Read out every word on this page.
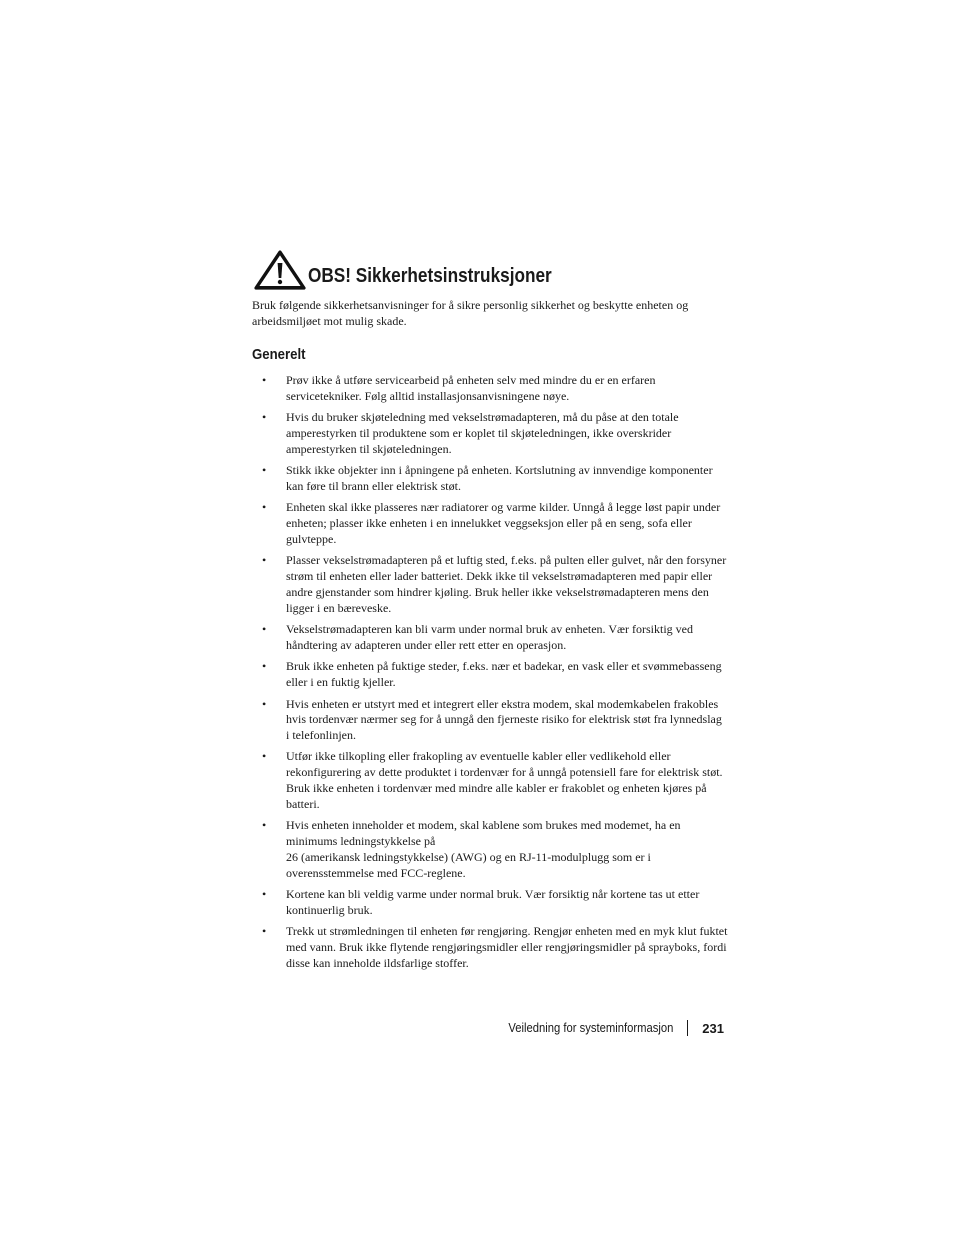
OBS! Sikkerhetsinstruksjoner

Bruk følgende sikkerhetsanvisninger for å sikre personlig sikkerhet og beskytte enheten og arbeidsmiljøet mot mulig skade.

Generelt
• Prøv ikke å utføre servicearbeid på enheten selv med mindre du er en erfaren servicetekniker. Følg alltid installasjonsanvisningene nøye.
• Hvis du bruker skjøteledning med vekselstrømadapteren, må du påse at den totale amperestyrken til produktene som er koplet til skjøteledningen, ikke overskrider amperestyrken til skjøteledningen.
• Stikk ikke objekter inn i åpningene på enheten. Kortslutning av innvendige komponenter kan føre til brann eller elektrisk støt.
• Enheten skal ikke plasseres nær radiatorer og varme kilder. Unngå å legge løst papir under enheten; plasser ikke enheten i en innelukket veggseksjon eller på en seng, sofa eller gulvteppe.
• Plasser vekselstrømadapteren på et luftig sted, f.eks. på pulten eller gulvet, når den forsyner strøm til enheten eller lader batteriet. Dekk ikke til vekselstrømadapteren med papir eller andre gjenstander som hindrer kjøling. Bruk heller ikke vekselstrømadapteren mens den ligger i en bæreveske.
• Vekselstrømadapteren kan bli varm under normal bruk av enheten. Vær forsiktig ved håndtering av adapteren under eller rett etter en operasjon.
• Bruk ikke enheten på fuktige steder, f.eks. nær et badekar, en vask eller et svømmebasseng eller i en fuktig kjeller.
• Hvis enheten er utstyrt med et integrert eller ekstra modem, skal modemkabelen frakobles hvis tordenvær nærmer seg for å unngå den fjerneste risiko for elektrisk støt fra lynnedslag i telefonlinjen.
• Utfør ikke tilkopling eller frakopling av eventuelle kabler eller vedlikehold eller rekonfigurering av dette produktet i tordenvær for å unngå potensiell fare for elektrisk støt. Bruk ikke enheten i tordenvær med mindre alle kabler er frakoblet og enheten kjøres på batteri.
• Hvis enheten inneholder et modem, skal kablene som brukes med modemet, ha en minimums ledningstykkelse på
26 (amerikansk ledningstykkelse) (AWG) og en RJ-11-modulplugg som er i overensstemmelse med FCC-reglene.
• Kortene kan bli veldig varme under normal bruk. Vær forsiktig når kortene tas ut etter kontinuerlig bruk.
• Trekk ut strømledningen til enheten før rengjøring. Rengjør enheten med en myk klut fuktet med vann. Bruk ikke flytende rengjøringsmidler eller rengjøringsmidler på sprayboks, fordi disse kan inneholde ildsfarlige stoffer.
Veiledning for systeminformasjon 231
